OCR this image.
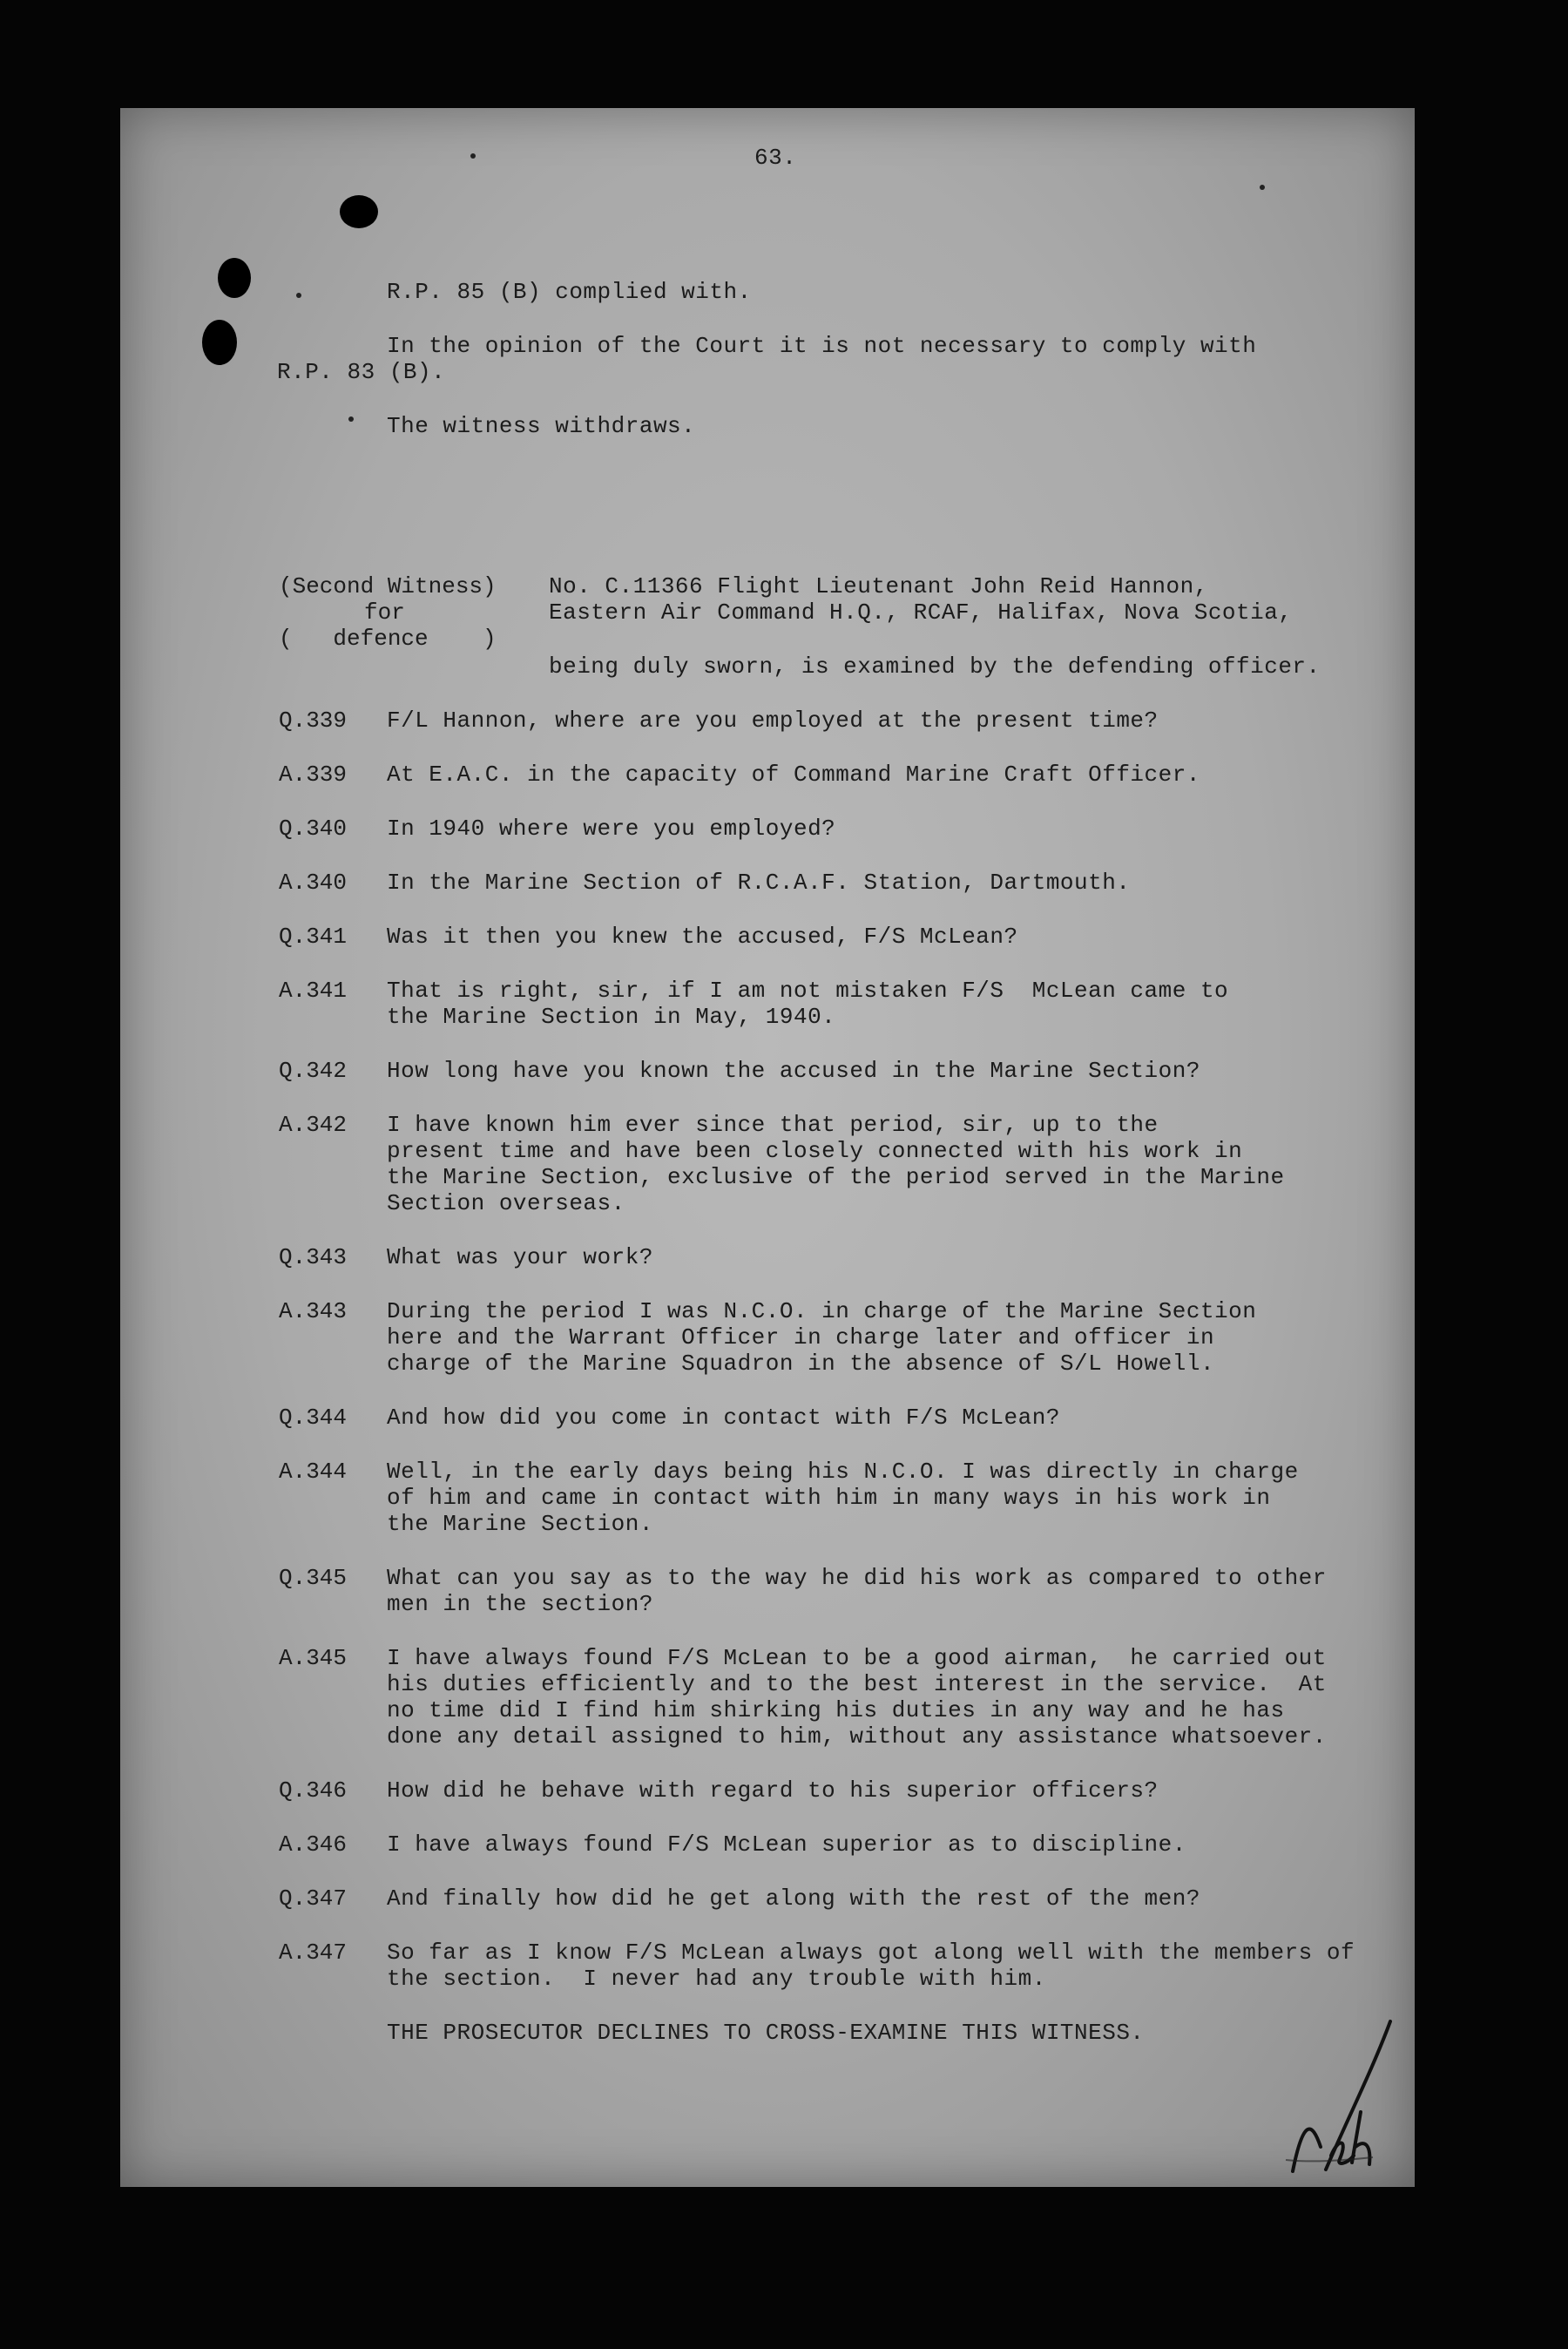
63.
R.P. 85 (B) complied with.
In the opinion of the Court it is not necessary to comply with
R.P. 83 (B).
The witness withdraws.
(Second Witness)
for
(   defence    )
No. C.11366 Flight Lieutenant John Reid Hannon,
Eastern Air Command H.Q., RCAF, Halifax, Nova Scotia,
being duly sworn, is examined by the defending officer.
Q.339 F/L Hannon, where are you employed at the present time?
A.339 At E.A.C. in the capacity of Command Marine Craft Officer.
Q.340 In 1940 where were you employed?
A.340 In the Marine Section of R.C.A.F. Station, Dartmouth.
Q.341 Was it then you knew the accused, F/S McLean?
A.341 That is right, sir, if I am not mistaken F/S  McLean came to
the Marine Section in May, 1940.
Q.342 How long have you known the accused in the Marine Section?
A.342 I have known him ever since that period, sir, up to the
present time and have been closely connected with his work in
the Marine Section, exclusive of the period served in the Marine
Section overseas.
Q.343 What was your work?
A.343 During the period I was N.C.O. in charge of the Marine Section
here and the Warrant Officer in charge later and officer in
charge of the Marine Squadron in the absence of S/L Howell.
Q.344 And how did you come in contact with F/S McLean?
A.344 Well, in the early days being his N.C.O. I was directly in charge
of him and came in contact with him in many ways in his work in
the Marine Section.
Q.345 What can you say as to the way he did his work as compared to other
men in the section?
A.345 I have always found F/S McLean to be a good airman,  he carried out
his duties efficiently and to the best interest in the service.  At
no time did I find him shirking his duties in any way and he has
done any detail assigned to him, without any assistance whatsoever.
Q.346 How did he behave with regard to his superior officers?
A.346 I have always found F/S McLean superior as to discipline.
Q.347 And finally how did he get along with the rest of the men?
A.347 So far as I know F/S McLean always got along well with the members of
the section.  I never had any trouble with him.
THE PROSECUTOR DECLINES TO CROSS-EXAMINE THIS WITNESS.
